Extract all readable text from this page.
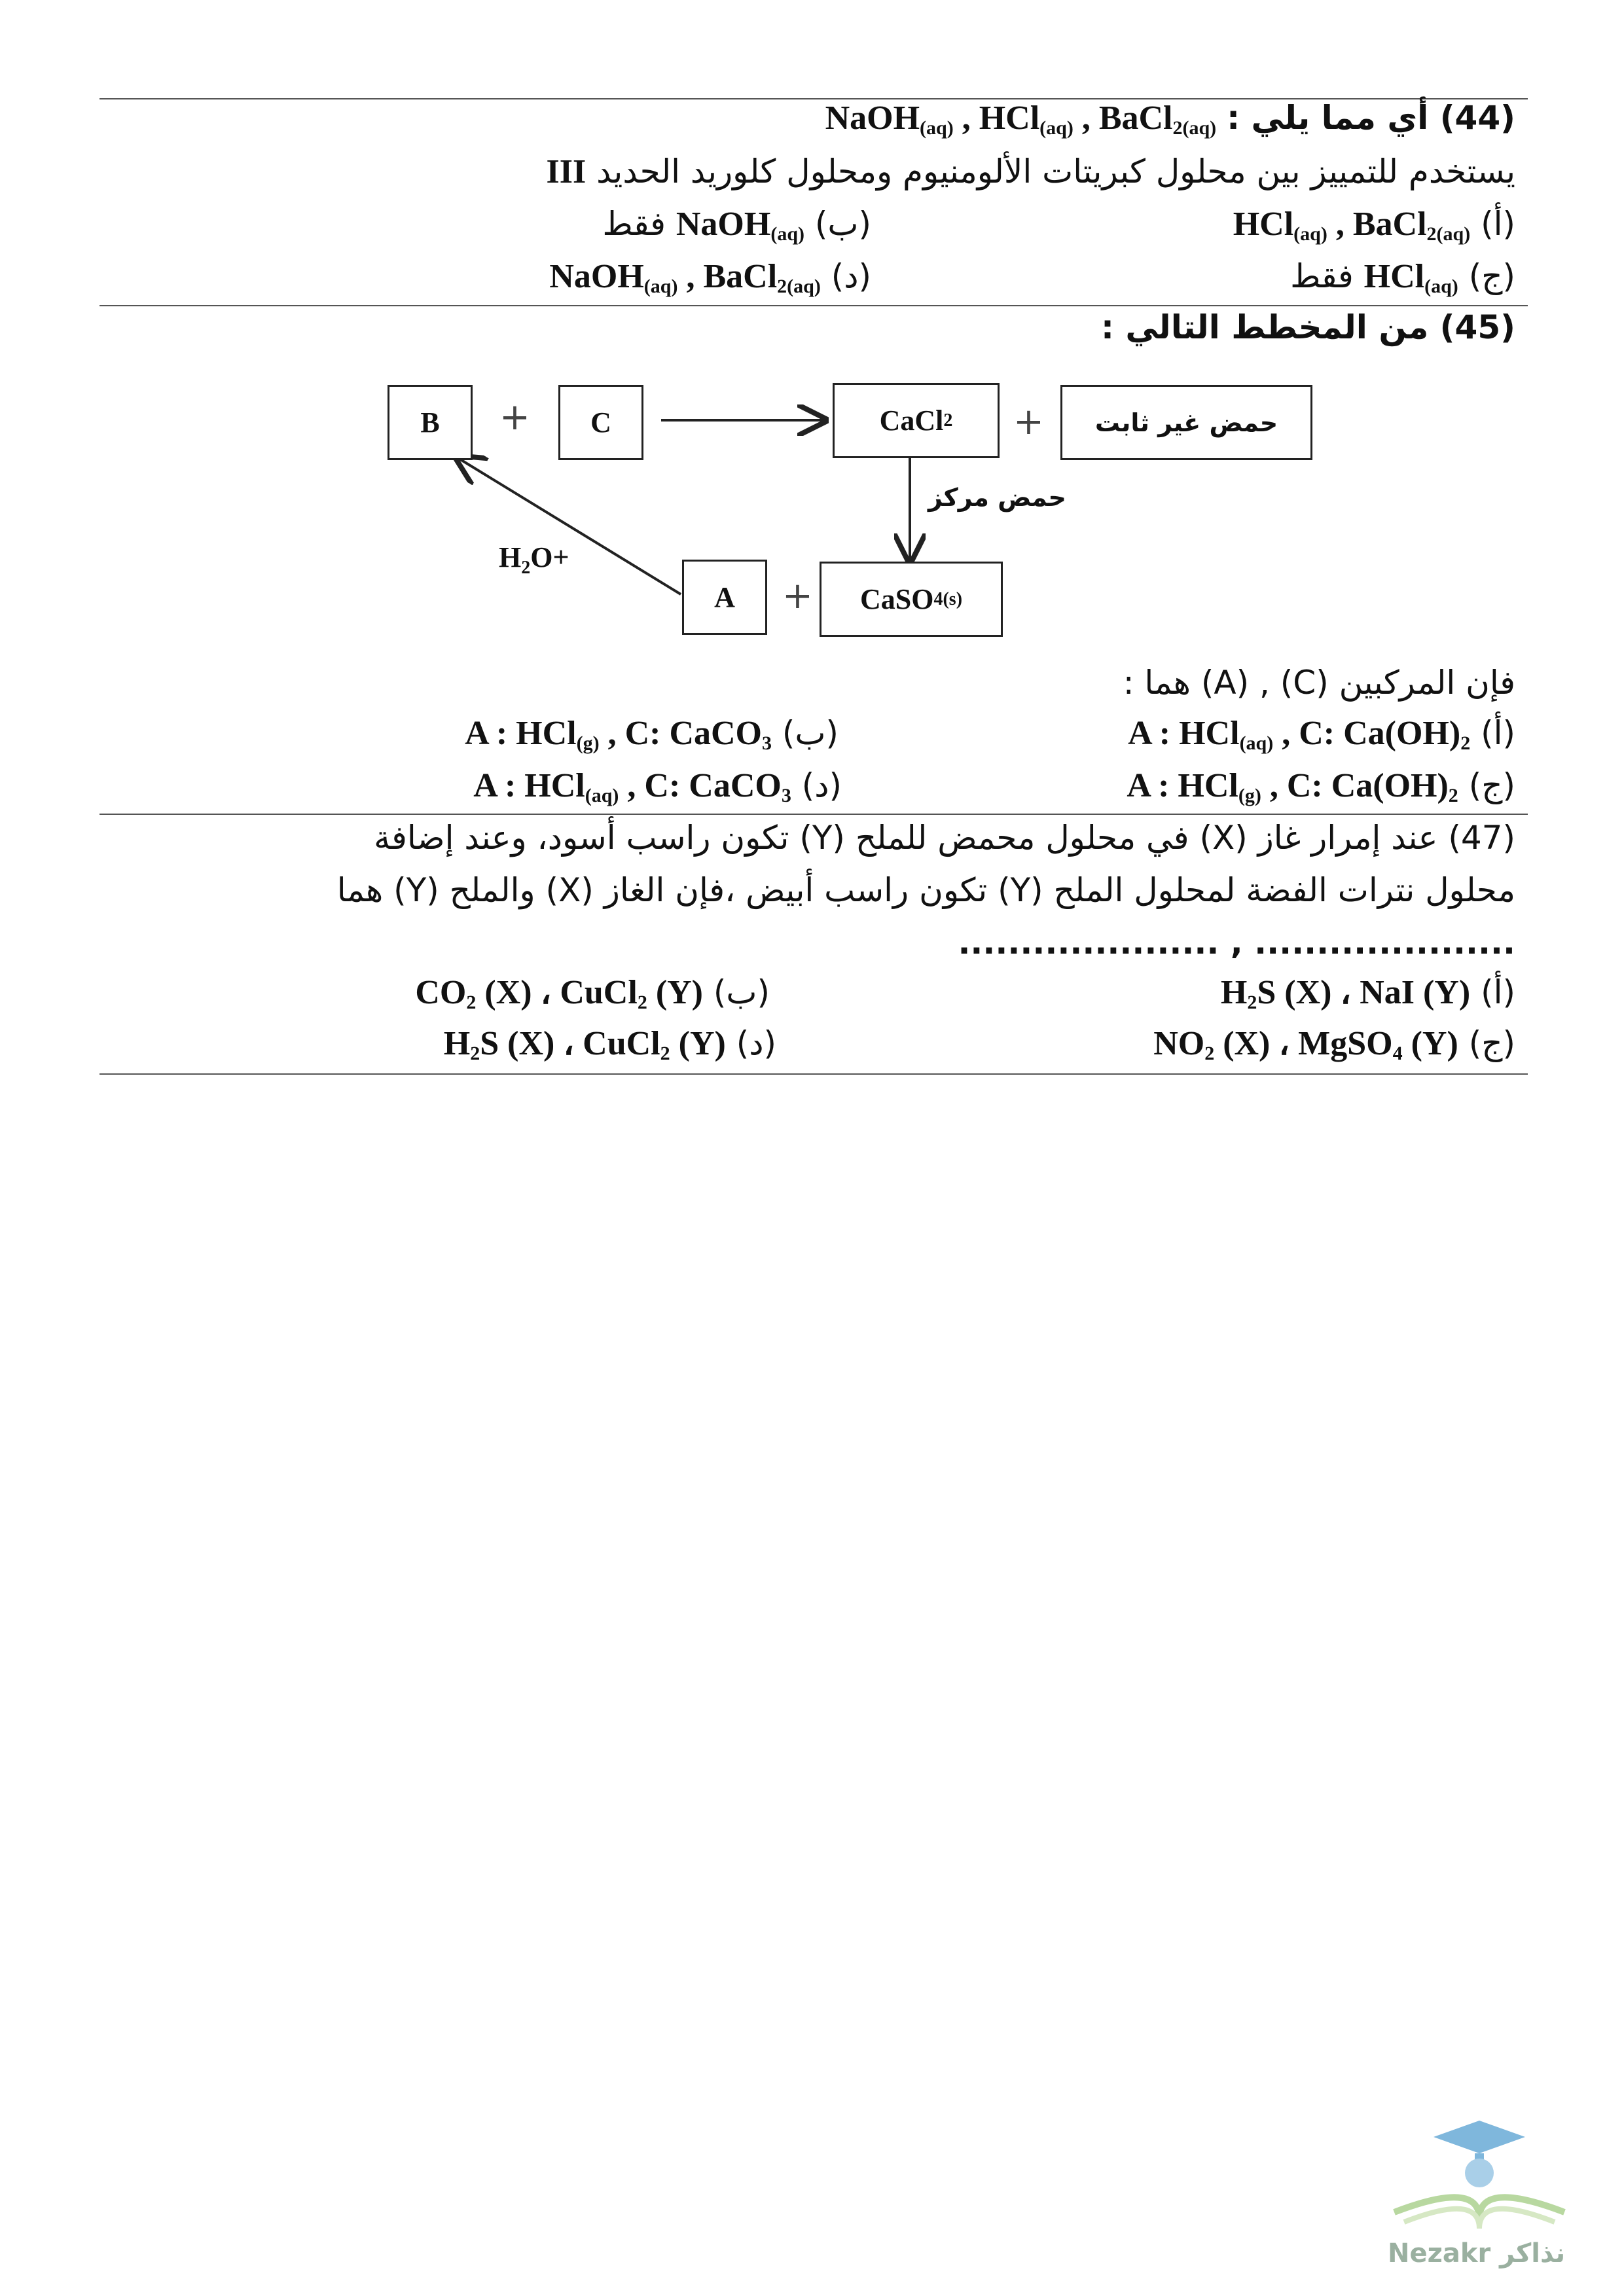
(44) أي مما يلي : NaOH$_{(aq)}$ , HCl$_{(aq)}$ , BaCl$_{2(aq)}$
يستخدم للتمييز بين محلول كبريتات الألومنيوم ومحلول كلوريد الحديد III
(أ) HCl$_{(aq)}$ , BaCl$_{2(aq)}$
(ب) NaOH$_{(aq)}$ فقط
(ج) HCl$_{(aq)}$ فقط
(د) NaOH$_{(aq)}$ , BaCl$_{2(aq)}$
(45) من المخطط التالي :
B	+	C	CaCl 2 +	حمض غير ثابت
حمض مركز
A	+	CaSO 4(s)
$+H_2O$
فإن المركبين (C) , (A) هما :
(أ) A : HCl$_{(aq)}$ , C: $Ca(OH)_2$
(ب) A : HCl$_{(g)}$ , C: CaCO$_3$
(ج) A : HCl$_{(g)}$ , C: $Ca(OH)_2$
(د) A : HCl$_{(aq)}$ , C: CaCO$_3$
(47) عند إمرار غاز (X) في محلول محمض للملح (Y) تكون راسب أسود، وعند إضافة
محلول نترات الفضة لمحلول الملح (Y) تكون راسب أبيض ،فإن الغاز (X) والملح (Y) هما
..................... , .....................
(أ) $H_2S$ (X) ، NaI (Y)
(ب) $CO_2$ (X) ، CuCl$_2$ (Y)
(ج) $NO_2$ (X) ، MgSO$_4$ (Y)
(د) $H_2S$ (X) ، CuCl$_2$ (Y)
Nezakr نذاكر
